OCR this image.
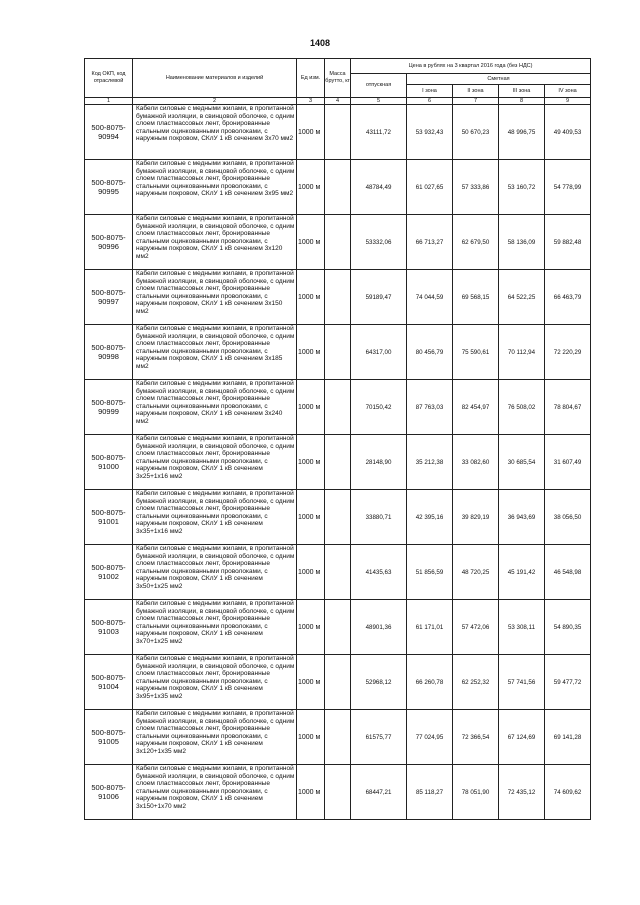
1408
Код ОКП, код отраслевой	Наименование материалов и изделий	Ед изм.	Масса брутто, кг	Цена в рублях на 3 квартал 2016 года (без НДС)				
				отпускная	Сметная			
					I зона	II зона	III зона	IV зона
1	2	3	4	5	6	7	8	9
500-8075-90994	Кабели силовые с медными жилами, в пропитанной бумажной изоляции, в свинцовой оболочке, с одним слоем пластмассовых лент, бронированные стальными оцинкованными проволоками, с наружным покровом, СКлУ 1 кВ сечением 3х70 мм2	1000 м		43111,72	53 932,43	50 670,23	48 996,75	49 409,53
500-8075-90995	Кабели силовые с медными жилами, в пропитанной бумажной изоляции, в свинцовой оболочке, с одним слоем пластмассовых лент, бронированные стальными оцинкованными проволоками, с наружным покровом, СКлУ 1 кВ сечением 3х95 мм2	1000 м		48784,49	61 027,65	57 333,86	53 160,72	54 778,99
500-8075-90996	Кабели силовые с медными жилами, в пропитанной бумажной изоляции, в свинцовой оболочке, с одним слоем пластмассовых лент, бронированные стальными оцинкованными проволоками, с наружным покровом, СКлУ 1 кВ сечением 3х120 мм2	1000 м		53332,06	66 713,27	62 679,50	58 136,09	59 882,48
500-8075-90997	Кабели силовые с медными жилами, в пропитанной бумажной изоляции, в свинцовой оболочке, с одним слоем пластмассовых лент, бронированные стальными оцинкованными проволоками, с наружным покровом, СКлУ 1 кВ сечением 3х150 мм2	1000 м		59189,47	74 044,59	69 568,15	64 522,25	66 463,79
500-8075-90998	Кабели силовые с медными жилами, в пропитанной бумажной изоляции, в свинцовой оболочке, с одним слоем пластмассовых лент, бронированные стальными оцинкованными проволоками, с наружным покровом, СКлУ 1 кВ сечением 3х185 мм2	1000 м		64317,00	80 456,79	75 590,61	70 112,94	72 220,29
500-8075-90999	Кабели силовые с медными жилами, в пропитанной бумажной изоляции, в свинцовой оболочке, с одним слоем пластмассовых лент, бронированные стальными оцинкованными проволоками, с наружным покровом, СКлУ 1 кВ сечением 3х240 мм2	1000 м		70150,42	87 763,03	82 454,97	76 508,02	78 804,67
500-8075-91000	Кабели силовые с медными жилами, в пропитанной бумажной изоляции, в свинцовой оболочке, с одним слоем пластмассовых лент, бронированные стальными оцинкованными проволоками, с наружным покровом, СКлУ 1 кВ сечением 3х25+1х16 мм2	1000 м		28148,90	35 212,38	33 082,60	30 685,54	31 607,49
500-8075-91001	Кабели силовые с медными жилами, в пропитанной бумажной изоляции, в свинцовой оболочке, с одним слоем пластмассовых лент, бронированные стальными оцинкованными проволоками, с наружным покровом, СКлУ 1 кВ сечением 3х35+1х16 мм2	1000 м		33880,71	42 395,16	39 829,19	36 943,69	38 056,50
500-8075-91002	Кабели силовые с медными жилами, в пропитанной бумажной изоляции, в свинцовой оболочке, с одним слоем пластмассовых лент, бронированные стальными оцинкованными проволоками, с наружным покровом, СКлУ 1 кВ сечением 3х50+1х25 мм2	1000 м		41435,63	51 856,59	48 720,25	45 191,42	46 548,98
500-8075-91003	Кабели силовые с медными жилами, в пропитанной бумажной изоляции, в свинцовой оболочке, с одним слоем пластмассовых лент, бронированные стальными оцинкованными проволоками, с наружным покровом, СКлУ 1 кВ сечением 3х70+1х25 мм2	1000 м		48901,36	61 171,01	57 472,06	53 308,11	54 890,35
500-8075-91004	Кабели силовые с медными жилами, в пропитанной бумажной изоляции, в свинцовой оболочке, с одним слоем пластмассовых лент, бронированные стальными оцинкованными проволоками, с наружным покровом, СКлУ 1 кВ сечением 3х95+1х35 мм2	1000 м		52968,12	66 260,78	62 252,32	57 741,56	59 477,72
500-8075-91005	Кабели силовые с медными жилами, в пропитанной бумажной изоляции, в свинцовой оболочке, с одним слоем пластмассовых лент, бронированные стальными оцинкованными проволоками, с наружным покровом, СКлУ 1 кВ сечением 3х120+1х35 мм2	1000 м		61575,77	77 024,95	72 366,54	67 124,69	69 141,28
500-8075-91006	Кабели силовые с медными жилами, в пропитанной бумажной изоляции, в свинцовой оболочке, с одним слоем пластмассовых лент, бронированные стальными оцинкованными проволоками, с наружным покровом, СКлУ 1 кВ сечением 3х150+1х70 мм2	1000 м		68447,21	85 118,27	78 051,90	72 435,12	74 609,62
